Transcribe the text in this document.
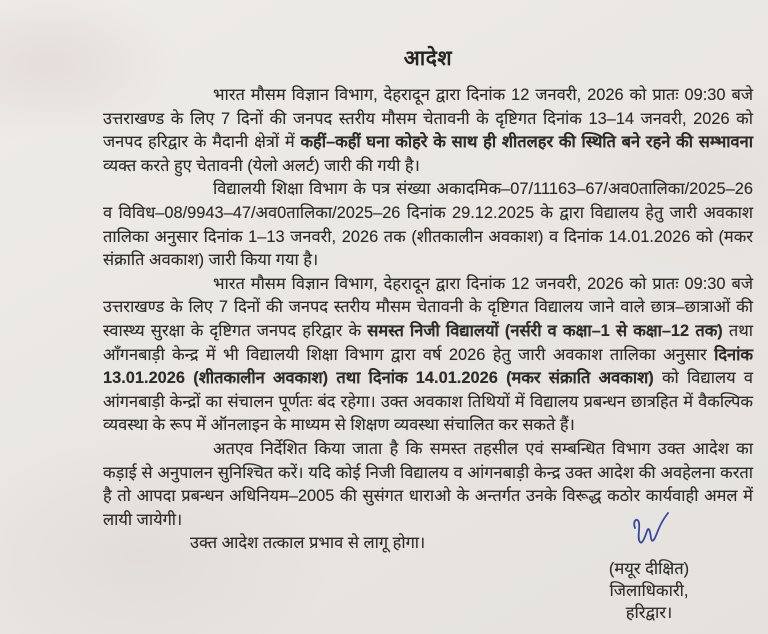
आदेश

भारत मौसम विज्ञान विभाग, देहरादून द्वारा दिनांक 12 जनवरी, 2026 को प्रातः 09:30 बजे उत्तराखण्ड के लिए 7 दिनों की जनपद स्तरीय मौसम चेतावनी के दृष्टिगत दिनांक 13–14 जनवरी, 2026 को जनपद हरिद्वार के मैदानी क्षेत्रों में कहीं–कहीं घना कोहरे के साथ ही शीतलहर की स्थिति बने रहने की सम्भावना व्यक्त करते हुए चेतावनी (येलो अलर्ट) जारी की गयी है।

विद्यालयी शिक्षा विभाग के पत्र संख्या अकादमिक–07/11163–67/अव0तालिका/2025–26 व विविध–08/9943–47/अव0तालिका/2025–26 दिनांक 29.12.2025 के द्वारा विद्यालय हेतु जारी अवकाश तालिका अनुसार दिनांक 1–13 जनवरी, 2026 तक (शीतकालीन अवकाश) व दिनांक 14.01.2026 को (मकर संक्राति अवकाश) जारी किया गया है।

भारत मौसम विज्ञान विभाग, देहरादून द्वारा दिनांक 12 जनवरी, 2026 को प्रातः 09:30 बजे उत्तराखण्ड के लिए 7 दिनों की जनपद स्तरीय मौसम चेतावनी के दृष्टिगत विद्यालय जाने वाले छात्र–छात्राओं की स्वास्थ्य सुरक्षा के दृष्टिगत जनपद हरिद्वार के समस्त निजी विद्यालयों (नर्सरी व कक्षा–1 से कक्षा–12 तक) तथा ऑंगनबाड़ी केन्द्र में भी विद्यालयी शिक्षा विभाग द्वारा वर्ष 2026 हेतु जारी अवकाश तालिका अनुसार दिनांक 13.01.2026 (शीतकालीन अवकाश) तथा दिनांक 14.01.2026 (मकर संक्राति अवकाश) को विद्यालय व आंगनबाड़ी केन्द्रों का संचालन पूर्णतः बंद रहेगा। उक्त अवकाश तिथियों में विद्यालय प्रबन्धन छात्रहित में वैकल्पिक व्यवस्था के रूप में ऑनलाइन के माध्यम से शिक्षण व्यवस्था संचालित कर सकते हैं।

अतएव निर्देशित किया जाता है कि समस्त तहसील एवं सम्बन्धित विभाग उक्त आदेश का कड़ाई से अनुपालन सुनिश्चित करें। यदि कोई निजी विद्यालय व आंगनबाड़ी केन्द्र उक्त आदेश की अवहेलना करता है तो आपदा प्रबन्धन अधिनियम–2005 की सुसंगत धाराओ के अन्तर्गत उनके विरूद्ध कठोर कार्यवाही अमल में लायी जायेगी।

उक्त आदेश तत्काल प्रभाव से लागू होगा।

(मयूर दीक्षित)
जिलाधिकारी,
हरिद्वार।
